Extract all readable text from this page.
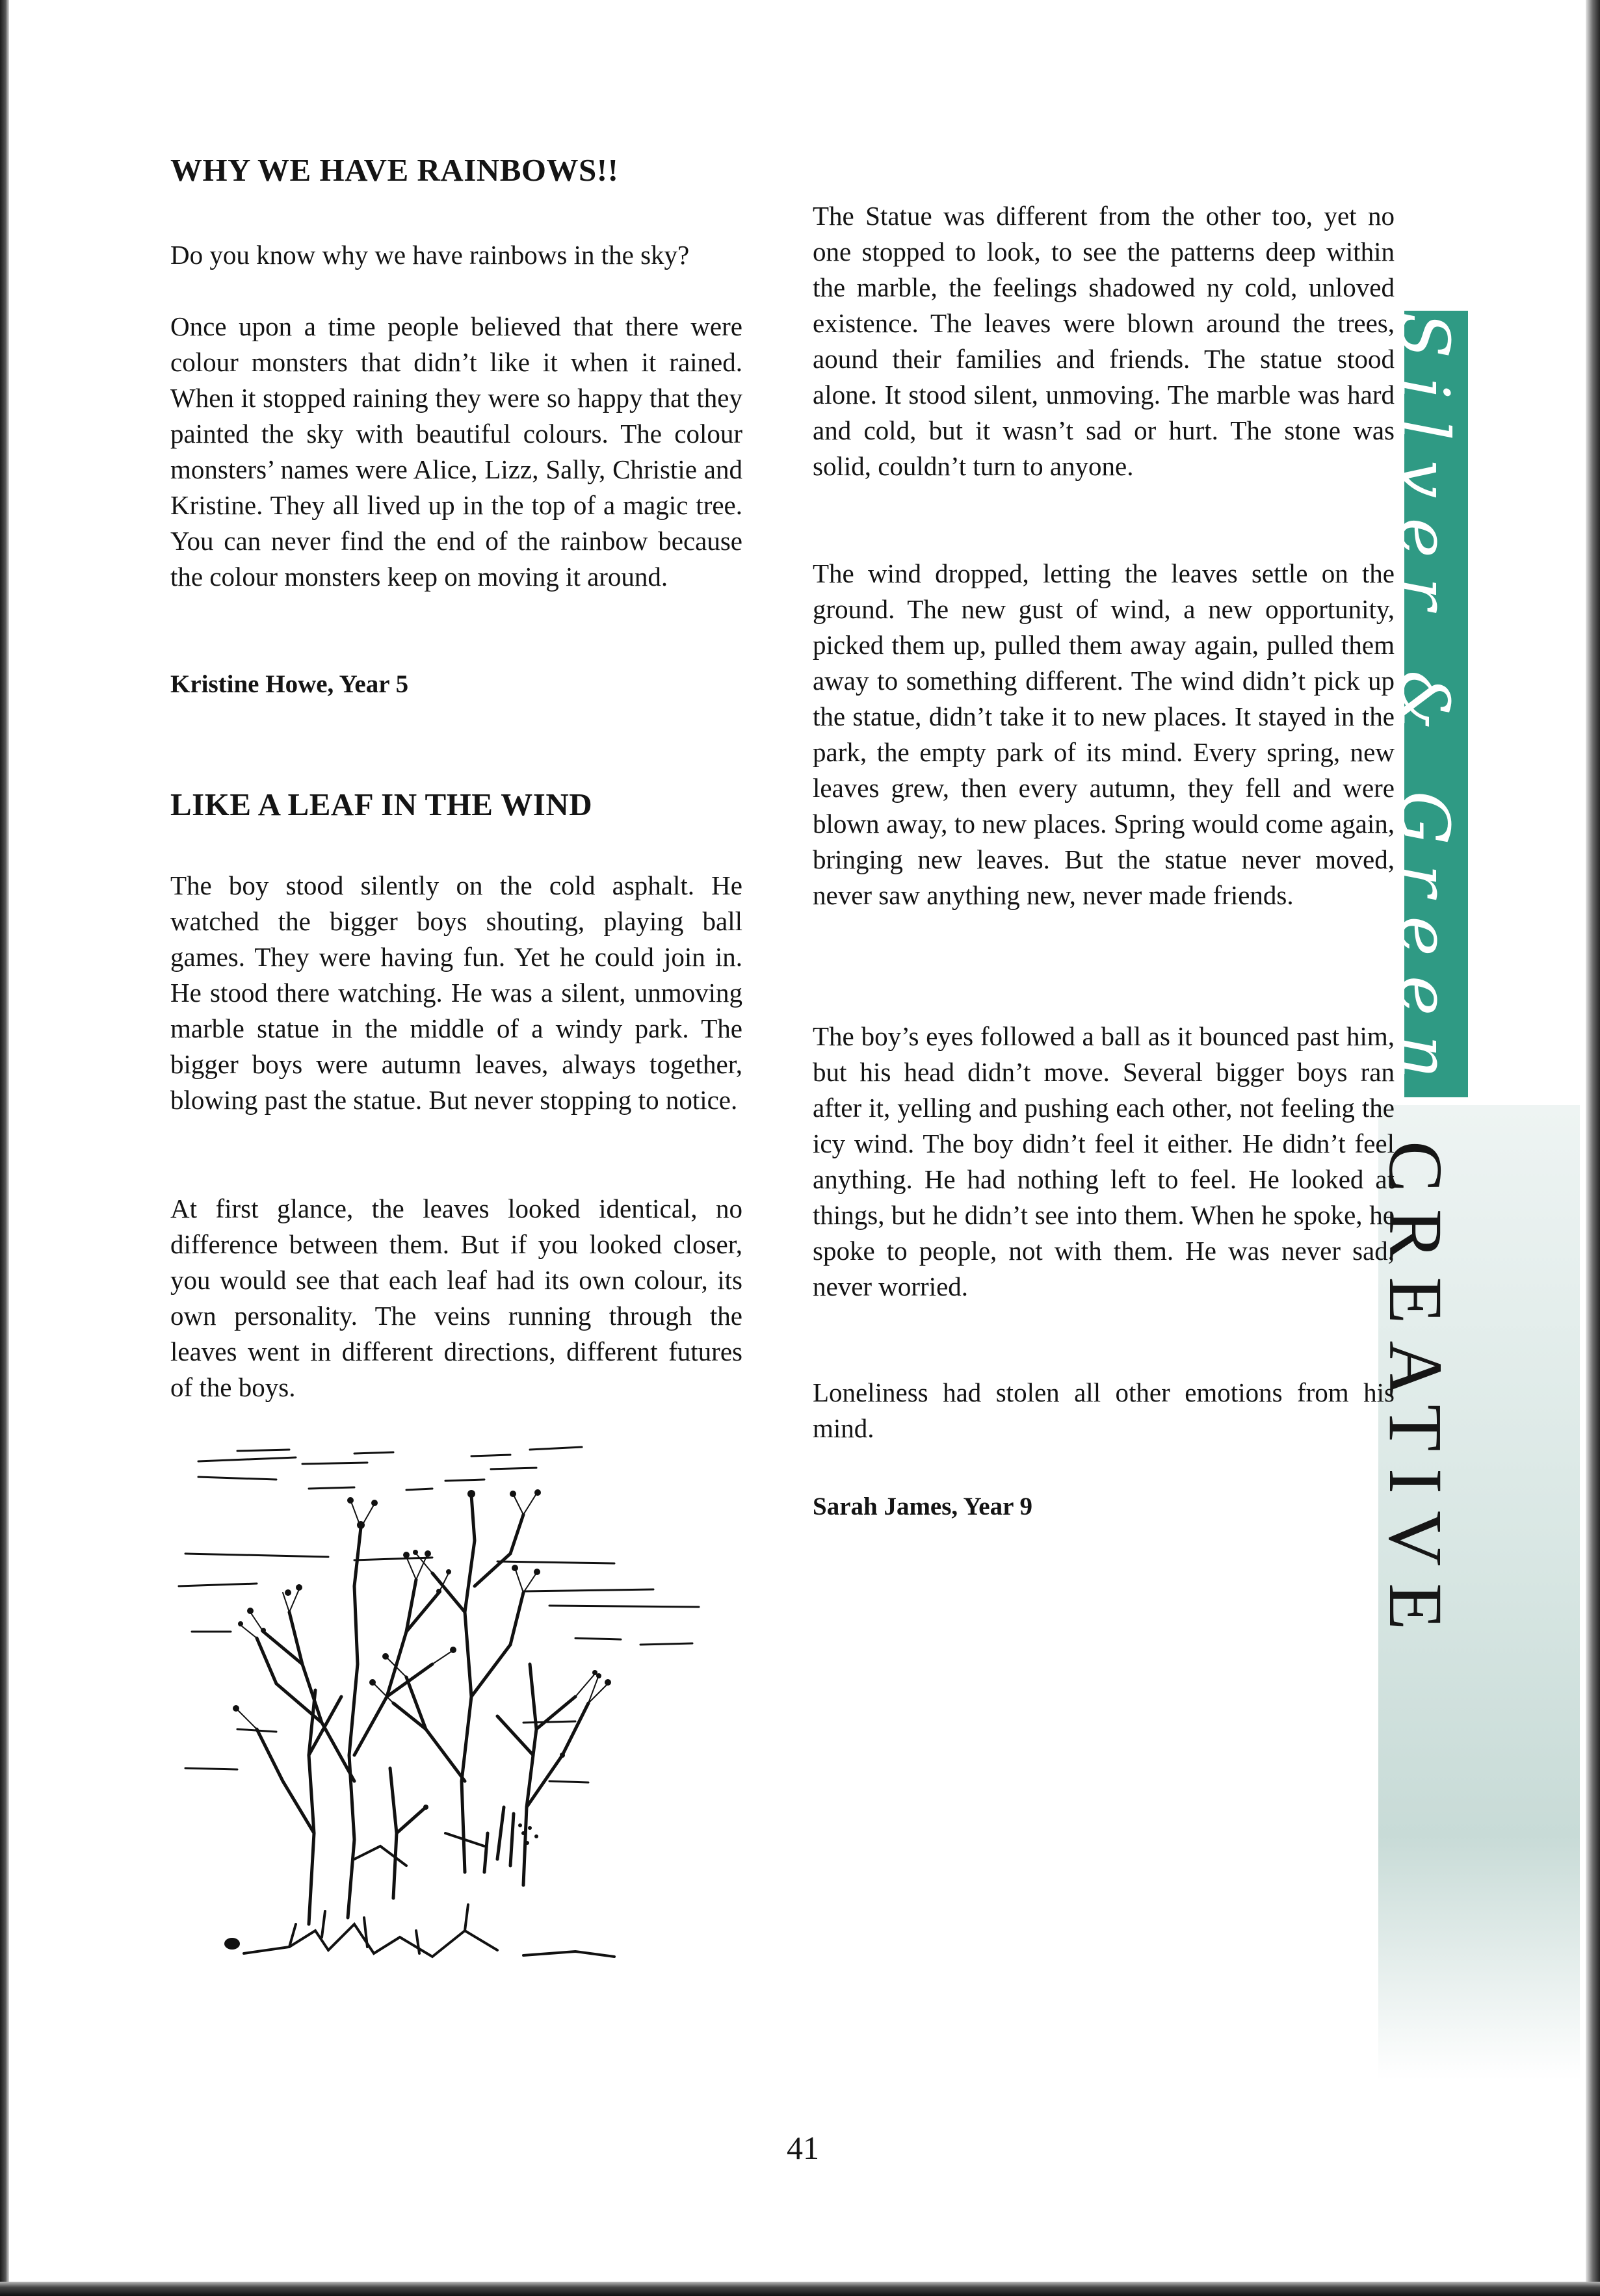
Silver & Green
CREATIVE
WHY WE HAVE RAINBOWS!!

Do you know why we have rainbows in the sky?

Once upon a time people believed that there were colour monsters that didn’t like it when it rained. When it stopped raining they were so happy that they painted the sky with beautiful colours. The colour monsters’ names were Alice, Lizz, Sally, Christie and Kristine. They all lived up in the top of a magic tree. You can never find the end of the rainbow because the colour monsters keep on moving it around.

Kristine Howe, Year 5

LIKE A LEAF IN THE WIND

The boy stood silently on the cold asphalt. He watched the bigger boys shouting, playing ball games. They were having fun. Yet he could join in. He stood there watching. He was a silent, unmoving marble statue in the middle of a windy park. The bigger boys were autumn leaves, always together, blowing past the statue. But never stopping to notice.

At first glance, the leaves looked identical, no difference between them. But if you looked closer, you would see that each leaf had its own colour, its own personality. The veins running through the leaves went in different directions, different futures of the boys.

The Statue was different from the other too, yet no one stopped to look, to see the patterns deep within the marble, the feelings shadowed ny cold, unloved existence. The leaves were blown around the trees, aound their families and friends. The statue stood alone. It stood silent, unmoving. The marble was hard and cold, but it wasn’t sad or hurt. The stone was solid, couldn’t turn to anyone.

The wind dropped, letting the leaves settle on the ground. The new gust of wind, a new opportunity, picked them up, pulled them away again, pulled them away to something different. The wind didn’t pick up the statue, didn’t take it to new places. It stayed in the park, the empty park of its mind. Every spring, new leaves grew, then every autumn, they fell and were blown away, to new places. Spring would come again, bringing new leaves. But the statue never moved, never saw anything new, never made friends.

The boy’s eyes followed a ball as it bounced past him, but his head didn’t move. Several bigger boys ran after it, yelling and pushing each other, not feeling the icy wind. The boy didn’t feel it either. He didn’t feel anything. He had nothing left to feel. He looked at things, but he didn’t see into them. When he spoke, he spoke to people, not with them. He was never sad, never worried.

Loneliness had stolen all other emotions from his mind.

Sarah James, Year 9

41
